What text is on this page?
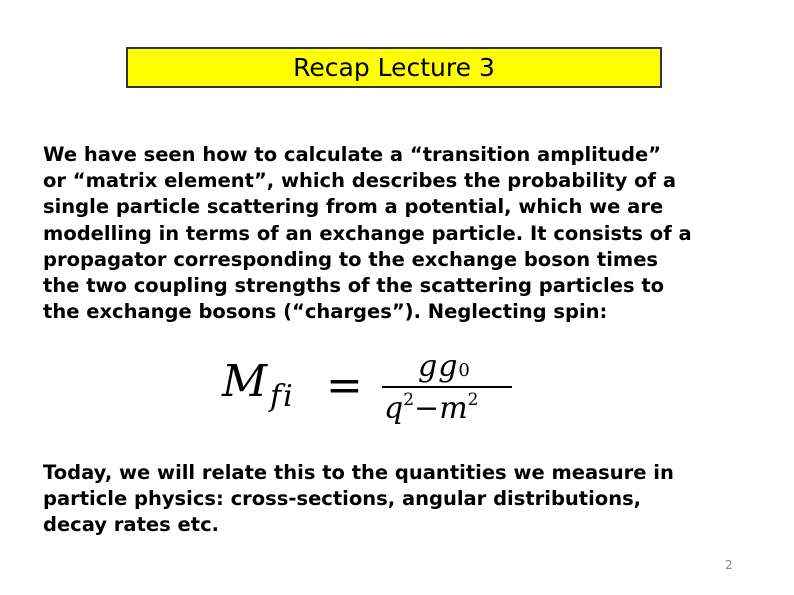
Recap Lecture 3
We have seen how to calculate a “transition amplitude”
or “matrix element”, which describes the probability of a
single particle scattering from a potential, which we are
modelling in terms of an exchange particle. It consists of a
propagator corresponding to the exchange boson times
the two coupling strengths of the scattering particles to
the exchange bosons (“charges”). Neglecting spin:
M fi = gg0
$q^2-m^2$
Today, we will relate this to the quantities we measure in
particle physics: cross-sections, angular distributions,
decay rates etc.
2
